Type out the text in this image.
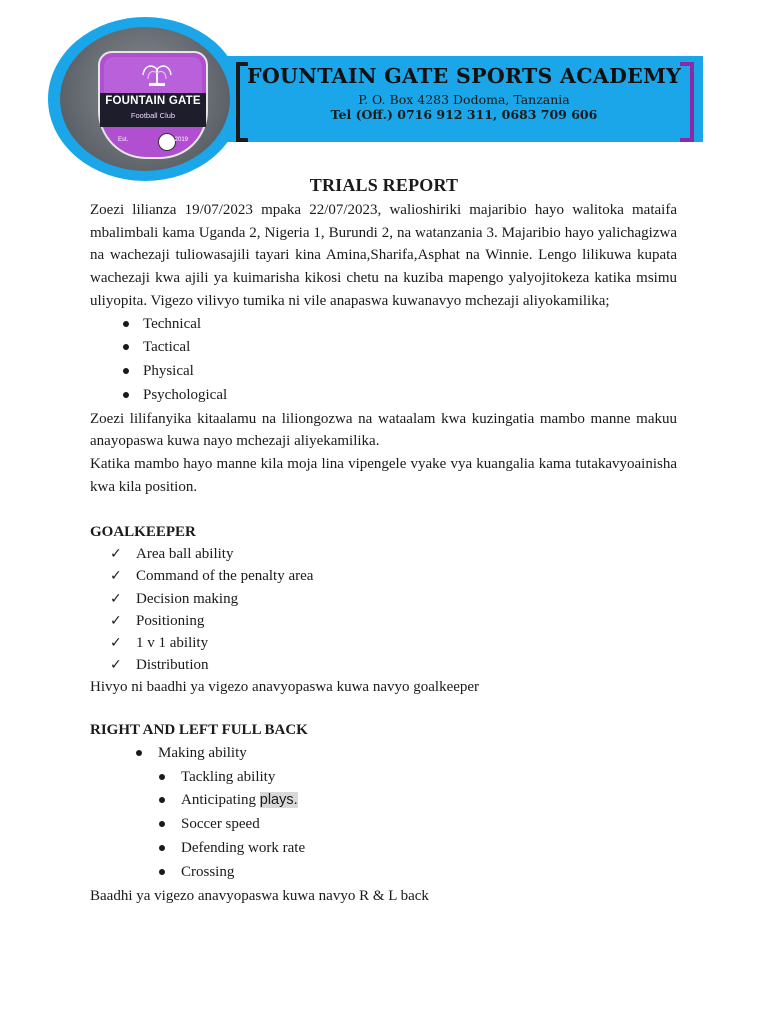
FOUNTAIN GATE SPORTS ACADEMY
P. O. Box 4283 Dodoma, Tanzania
Tel (Off.) 0716 912 311, 0683 709 606
FOUNTAIN GATE
Football Club
Est.	2019
TRIALS REPORT

Zoezi lilianza 19/07/2023 mpaka 22/07/2023, walioshiriki majaribio hayo walitoka mataifa mbalimbali kama Uganda 2, Nigeria 1, Burundi 2, na watanzania 3. Majaribio hayo yalichagizwa na wachezaji tuliowasajili tayari kina Amina,Sharifa,Asphat na Winnie. Lengo lilikuwa kupata wachezaji kwa ajili ya kuimarisha kikosi chetu na kuziba mapengo yalyojitokeza katika msimu uliyopita. Vigezo vilivyo tumika ni vile anapaswa kuwanavyo mchezaji aliyokamilika;

Technical
Tactical
Physical
Psychological

Zoezi lilifanyika kitaalamu na liliongozwa na wataalam kwa kuzingatia mambo manne makuu anayopaswa kuwa nayo mchezaji aliyekamilika.

Katika mambo hayo manne kila moja lina vipengele vyake vya kuangalia kama tutakavyoainisha kwa kila position.

GOALKEEPER

✓ Area ball ability
✓ Command of the penalty area
✓ Decision making
✓ Positioning
✓ 1 v 1 ability
✓ Distribution

Hivyo ni baadhi ya vigezo anavyopaswa kuwa navyo goalkeeper

RIGHT AND LEFT FULL BACK

Making ability
Tackling ability
Anticipating plays.
Soccer speed
Defending work rate
Crossing

Baadhi ya vigezo anavyopaswa kuwa navyo R & L back
